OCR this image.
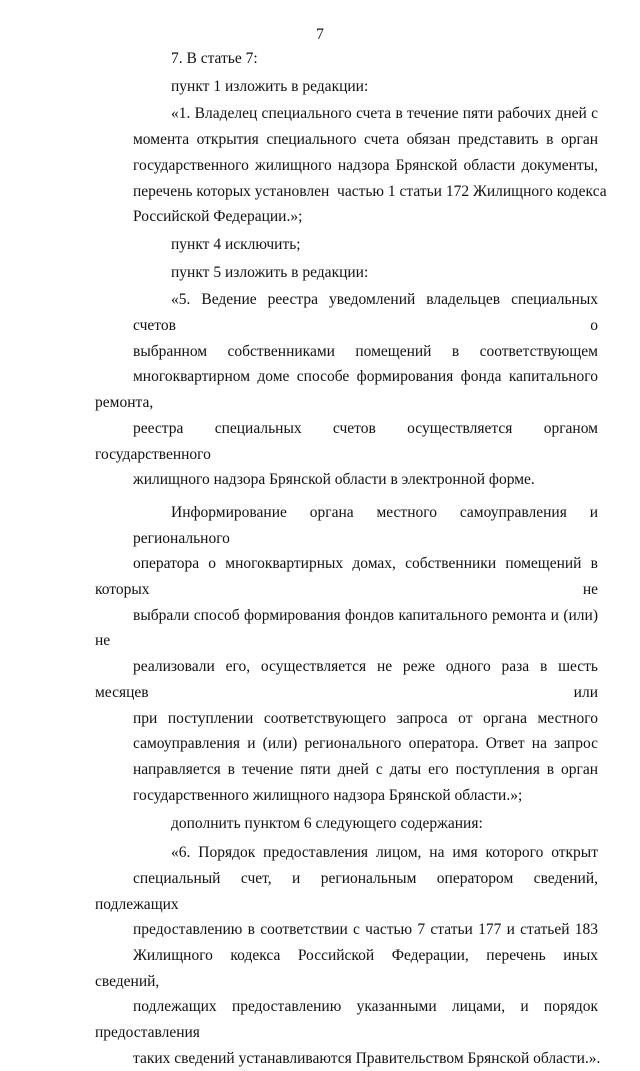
7
7. В статье 7:
пункт 1 изложить в редакции:
«1. Владелец специального счета в течение пяти рабочих дней с
момента открытия специального счета обязан представить в орган
государственного жилищного надзора Брянской области документы,
перечень которых установлен  частью 1 статьи 172 Жилищного кодекса
Российской Федерации.»;
пункт 4 исключить;
пункт 5 изложить в редакции:
«5. Ведение реестра уведомлений владельцев специальных счетов о
выбранном собственниками помещений в соответствующем
многоквартирном доме способе формирования фонда капитального ремонта,
реестра специальных счетов осуществляется органом государственного
жилищного надзора Брянской области в электронной форме.
Информирование органа местного самоуправления и регионального
оператора о многоквартирных домах, собственники помещений в которых не
выбрали способ формирования фондов капитального ремонта и (или) не
реализовали его, осуществляется не реже одного раза в шесть месяцев или
при поступлении соответствующего запроса от органа местного
самоуправления и (или) регионального оператора. Ответ на запрос
направляется в течение пяти дней с даты его поступления в орган
государственного жилищного надзора Брянской области.»;
дополнить пунктом 6 следующего содержания:
«6. Порядок предоставления лицом, на имя которого открыт
специальный счет, и региональным оператором сведений, подлежащих
предоставлению в соответствии с частью 7 статьи 177 и статьей 183
Жилищного кодекса Российской Федерации, перечень иных сведений,
подлежащих предоставлению указанными лицами, и порядок предоставления
таких сведений устанавливаются Правительством Брянской области.».
